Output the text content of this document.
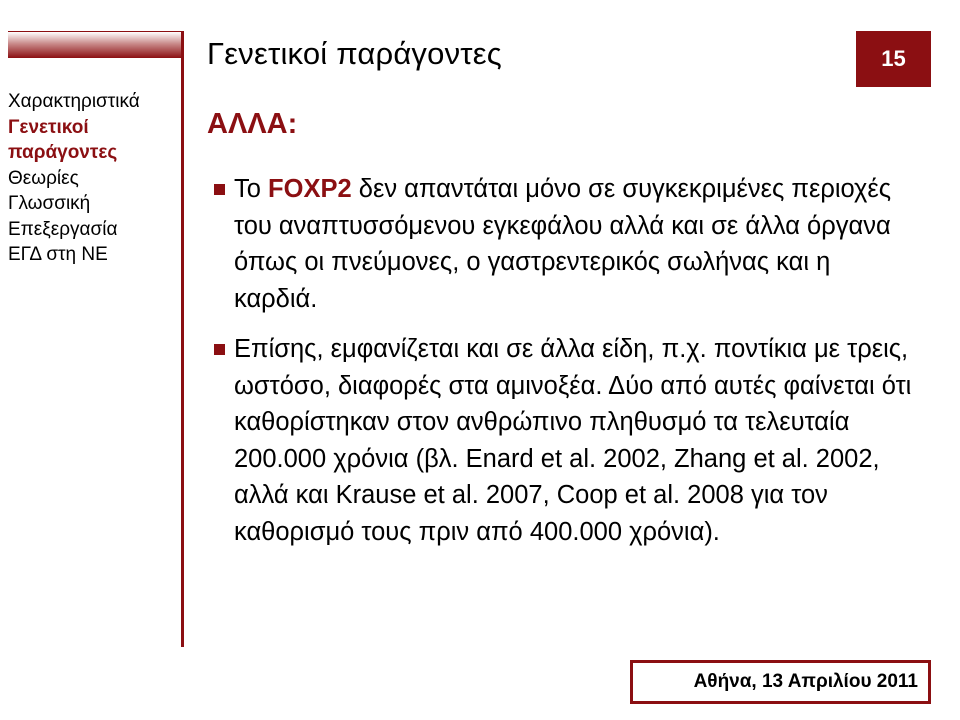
Χαρακτηριστικά
Γενετικοί
παράγοντες
Θεωρίες
Γλωσσική
Επεξεργασία
ΕΓΔ στη ΝΕ
Γενετικοί παράγοντες	15
ΑΛΛΑ:

Το FOXP2 δεν απαντάται μόνο σε συγκεκριμένες περιοχές του αναπτυσσόμενου εγκεφάλου αλλά και σε άλλα όργανα όπως οι πνεύμονες, ο γαστρεντερικός σωλήνας και η καρδιά.

Επίσης, εμφανίζεται και σε άλλα είδη, π.χ. ποντίκια με τρεις, ωστόσο, διαφορές στα αμινοξέα. Δύο από αυτές φαίνεται ότι καθορίστηκαν στον ανθρώπινο πληθυσμό τα τελευταία 200.000 χρόνια (βλ. Enard et al. 2002, Zhang et al. 2002, αλλά και Krause et al. 2007, Coop et al. 2008 για τον καθορισμό τους πριν από 400.000 χρόνια).

Αθήνα, 13 Απριλίου 2011
